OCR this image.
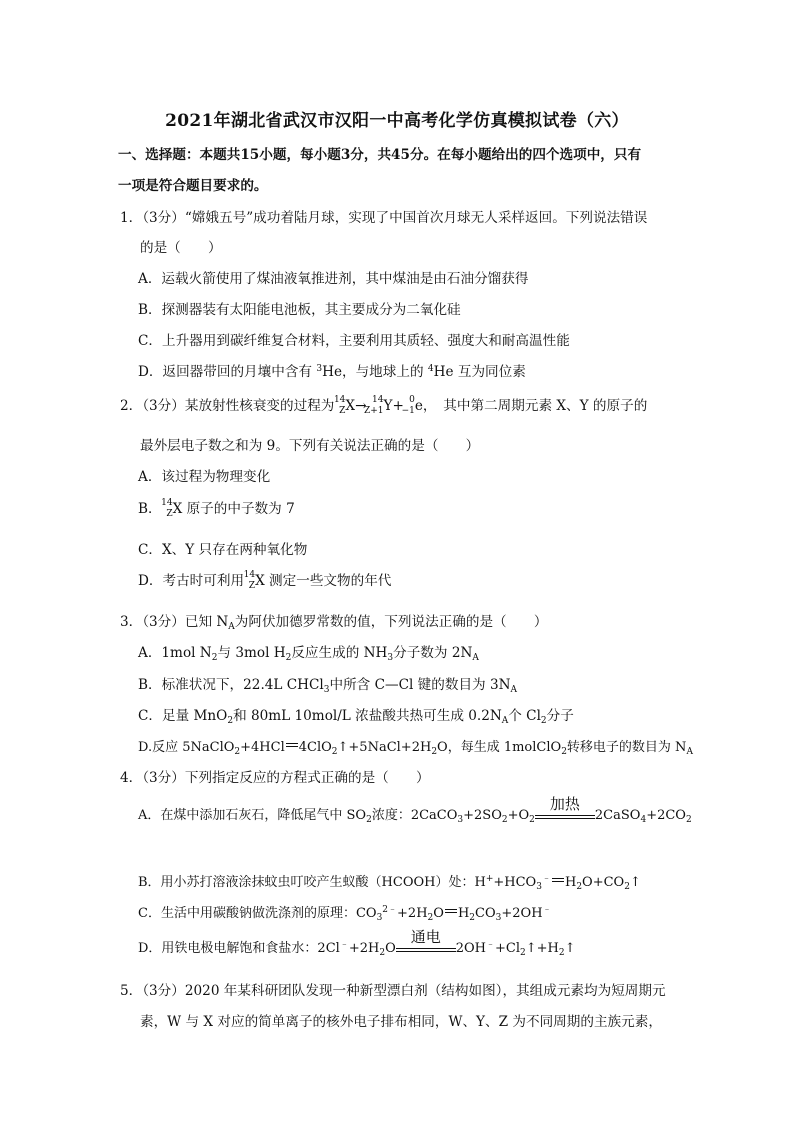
2021年湖北省武汉市汉阳一中高考化学仿真模拟试卷（六）
一、选择题：本题共15小题，每小题3分，共45分。在每小题给出的四个选项中，只有
一项是符合题目要求的。
1．（3分）“嫦娥五号”成功着陆月球，实现了中国首次月球无人采样返回。下列说法错误
的是（　　）
A．运载火箭使用了煤油液氧推进剂，其中煤油是由石油分馏获得
B．探测器装有太阳能电池板，其主要成分为二氧化硅
C．上升器用到碳纤维复合材料，主要利用其质轻、强度大和耐高温性能
D．返回器带回的月壤中含有 $^3$He，与地球上的 $^4$He 互为同位素
2．（3分）某放射性核衰变的过程为 14
Z X→ 14
Z+1 Y+ 0
−1 e，　其中第二周期元素 X、Y 的原子的
最外层电子数之和为 9。下列有关说法正确的是（　　）
A．该过程为物理变化
B． 14
Z X 原子的中子数为 7
C．X、Y 只存在两种氧化物
D．考古时可利用 14
Z X 测定一些文物的年代
3．（3分）已知 $N_A$为阿伏加德罗常数的值，下列说法正确的是（　　）
A．1mol $N_2$与 3mol $H_2$反应生成的 $NH_3$分子数为 $2N_A$
B．标准状况下，22.4L CHCl$_3$中所含 C—Cl 键的数目为 $3N_A$
C．足量 MnO$_2$和 80mL 10mol/L 浓盐酸共热可生成 $0.2N_A$个 $Cl_2$分子
D.反应 5NaClO$_2$+4HCl $4ClO_2↑+5NaCl+2H_2O$，每生成 1molClO$_2$转移电子的数目为 $N_A$
4．（3分）下列指定反应的方程式正确的是（　　）
A．在煤中添加石灰石，降低尾气中 $SO_2$浓度：$2CaCO_3+2SO_2+O_2$
加热
$2CaSO_4+2CO_2$
B．用小苏打溶液涂抹蚊虫叮咬产生蚁酸（HCOOH）处：$H^++HCO_3^﹣$ $H_2O+CO_2↑$
C．生活中用碳酸钠做洗涤剂的原理：$CO_3^{2﹣}+2H_2O$ $H_2CO_3+2OH^﹣$
D．用铁电极电解饱和食盐水：$2Cl^﹣+2H_2O$
通电
$2OH^﹣+Cl_2↑+H_2↑$
5．（3分）2020 年某科研团队发现一种新型漂白剂（结构如图），其组成元素均为短周期元
素，W 与 X 对应的简单离子的核外电子排布相同，W、Y、Z 为不同周期的主族元素，
